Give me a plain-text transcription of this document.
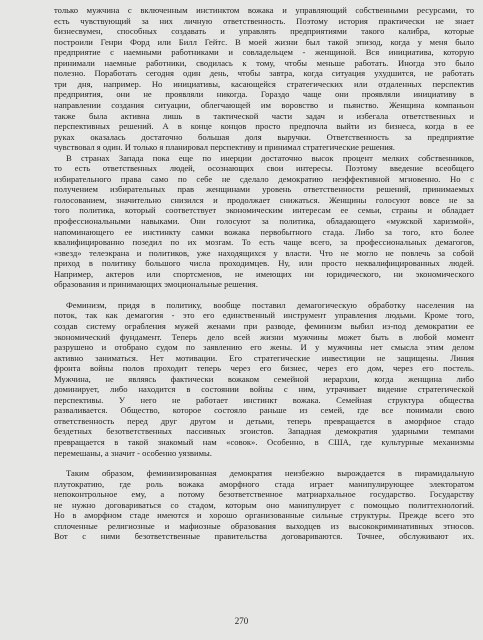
только мужчина с включенным инстинктом вожака и управляющий собственными ресурсами, то
есть чувствующий за них личную ответственность. Поэтому история практически не знает
бизнесвумен, способных создавать и управлять предприятиями такого калибра, которые
построили Генри Форд или Билл Гейтс. В моей жизни был такой эпизод, когда у меня было
предприятие с наемными работниками и совладельцем - женщиной. Вся инициатива, которую
принимали наемные работники, сводилась к тому, чтобы меньше работать. Иногда это было
полезно. Поработать сегодня один день, чтобы завтра, когда ситуация ухудшится, не работать
три дня, например. Но инициативы, касающейся стратегических или отдаленных перспектив
предприятия, они не проявляли никогда. Гораздо чаще они проявляли инициативу в
направлении создания ситуации, облегчающей им воровство и пьянство. Женщина компаньон
также была активна лишь в тактической части задач и избегала ответственных и
перспективных решений. А в конце концов просто предпочла выйти из бизнеса, когда в ее
руках оказалась достаточно большая доля выручки. Ответственность за предприятие
чувствовал я один. И только я планировал перспективу и принимал стратегические решения.
В странах Запада пока еще по инерции достаточно высок процент мелких собственников,
то есть ответственных людей, осознающих свои интересы. Поэтому введение всеобщего
избирательного права само по себе не сделало демократию неэффективной мгновенно. Но с
получением избирательных прав женщинами уровень ответственности решений, принимаемых
голосованием, значительно снизился и продолжает снижаться. Женщины голосуют вовсе не за
того политика, который соответствует экономическим интересам ее семьи, страны и обладает
профессиональными навыками. Они голосуют за политика, обладающего «мужской харизмой»,
напоминающего ее инстинкту самки вожака первобытного стада. Либо за того, кто более
квалифицированно позедил по их мозгам. То есть чаще всего, за профессиональных демагогов,
«звезд» телеэкрана и политиков, уже находящихся у власти. Что не могло не повлечь за собой
приход в политику большого числа проходимцев. Ну, или просто неквалифицированных людей.
Например, актеров или спортсменов, не имеющих ни юридического, ни экономического
образования и принимающих эмоциональные решения.
Феминизм, придя в политику, вообще поставил демагогическую обработку населения на
поток, так как демагогия - это его единственный инструмент управления людьми. Кроме того,
создав систему ограбления мужей женами при разводе, феминизм выбил из-под демократии ее
экономический фундамент. Теперь дело всей жизни мужчины может быть в любой момент
разрушено и отобрано судом по заявлению его жены. И у мужчины нет смысла этим делом
активно заниматься. Нет мотивации. Его стратегические инвестиции не защищены. Линия
фронта войны полов проходит теперь через его бизнес, через его дом, через его постель.
Мужчина, не являясь фактически вожаком семейной иерархии, когда женщина либо
доминирует, либо находится в состоянии войны с ним, утрачивает видение стратегической
перспективы. У него не работает инстинкт вожака. Семейная структура общества
разваливается. Общество, которое состояло раньше из семей, где все понимали свою
ответственность перед друг другом и детьми, теперь превращается в аморфное стадо
бездетных безответственных пассивных эгоистов. Западная демократия ударными темпами
превращается в такой знакомый нам «совок». Особенно, в США, где культурные механизмы
перемешаны, а значит - особенно уязвимы.
Таким образом, феминизированная демократия неизбежно вырождается в пирамидальную
плутократию, где роль вожака аморфного стада играет манипулирующее электоратом
непоконтрольное ему, а потому безответственное матриархальное государство. Государству
не нужно договариваться со стадом, которым оно манипулирует с помощью политтехнологий.
Но в аморфном стаде имеются и хорошо организованные сильные структуры. Прежде всего это
сплоченные религиозные и мафиозные образования выходцев из высококриминативных этносов.
Вот с ними безответственные правительства договариваются. Точнее, обслуживают их.
270
